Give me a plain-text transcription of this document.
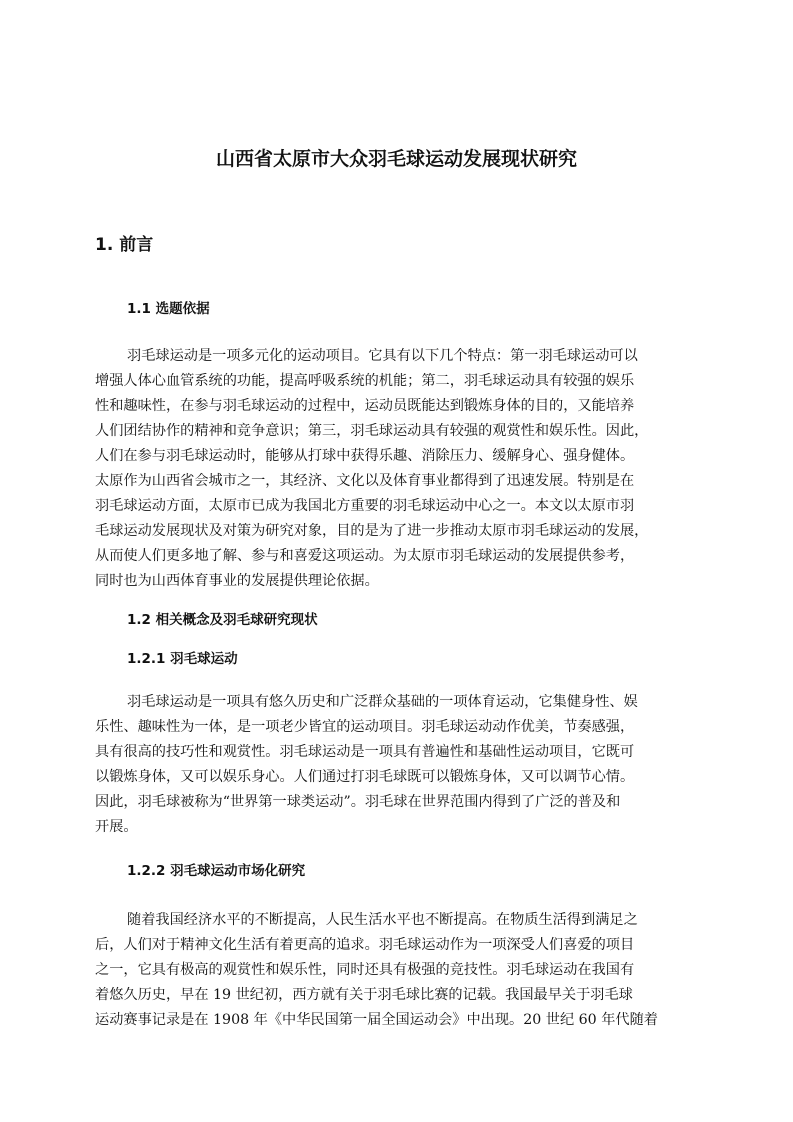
山西省太原市大众羽毛球运动发展现状研究
1. 前言
1.1 选题依据

羽毛球运动是一项多元化的运动项目。它具有以下几个特点：第一羽毛球运动可以
增强人体心血管系统的功能，提高呼吸系统的机能；第二，羽毛球运动具有较强的娱乐
性和趣味性，在参与羽毛球运动的过程中，运动员既能达到锻炼身体的目的，又能培养
人们团结协作的精神和竞争意识；第三，羽毛球运动具有较强的观赏性和娱乐性。因此，
人们在参与羽毛球运动时，能够从打球中获得乐趣、消除压力、缓解身心、强身健体。
太原作为山西省会城市之一，其经济、文化以及体育事业都得到了迅速发展。特别是在
羽毛球运动方面，太原市已成为我国北方重要的羽毛球运动中心之一。本文以太原市羽
毛球运动发展现状及对策为研究对象，目的是为了进一步推动太原市羽毛球运动的发展，
从而使人们更多地了解、参与和喜爱这项运动。为太原市羽毛球运动的发展提供参考，
同时也为山西体育事业的发展提供理论依据。

1.2 相关概念及羽毛球研究现状
1.2.1 羽毛球运动

羽毛球运动是一项具有悠久历史和广泛群众基础的一项体育运动，它集健身性、娱
乐性、趣味性为一体，是一项老少皆宜的运动项目。羽毛球运动动作优美，节奏感强，
具有很高的技巧性和观赏性。羽毛球运动是一项具有普遍性和基础性运动项目，它既可
以锻炼身体，又可以娱乐身心。人们通过打羽毛球既可以锻炼身体，又可以调节心情。
因此，羽毛球被称为“世界第一球类运动”。羽毛球在世界范围内得到了广泛的普及和
开展。

1.2.2 羽毛球运动市场化研究

随着我国经济水平的不断提高，人民生活水平也不断提高。在物质生活得到满足之
后，人们对于精神文化生活有着更高的追求。羽毛球运动作为一项深受人们喜爱的项目
之一，它具有极高的观赏性和娱乐性，同时还具有极强的竞技性。羽毛球运动在我国有
着悠久历史，早在 19 世纪初，西方就有关于羽毛球比赛的记载。我国最早关于羽毛球
运动赛事记录是在 1908 年《中华民国第一届全国运动会》中出现。20 世纪 60 年代随着
